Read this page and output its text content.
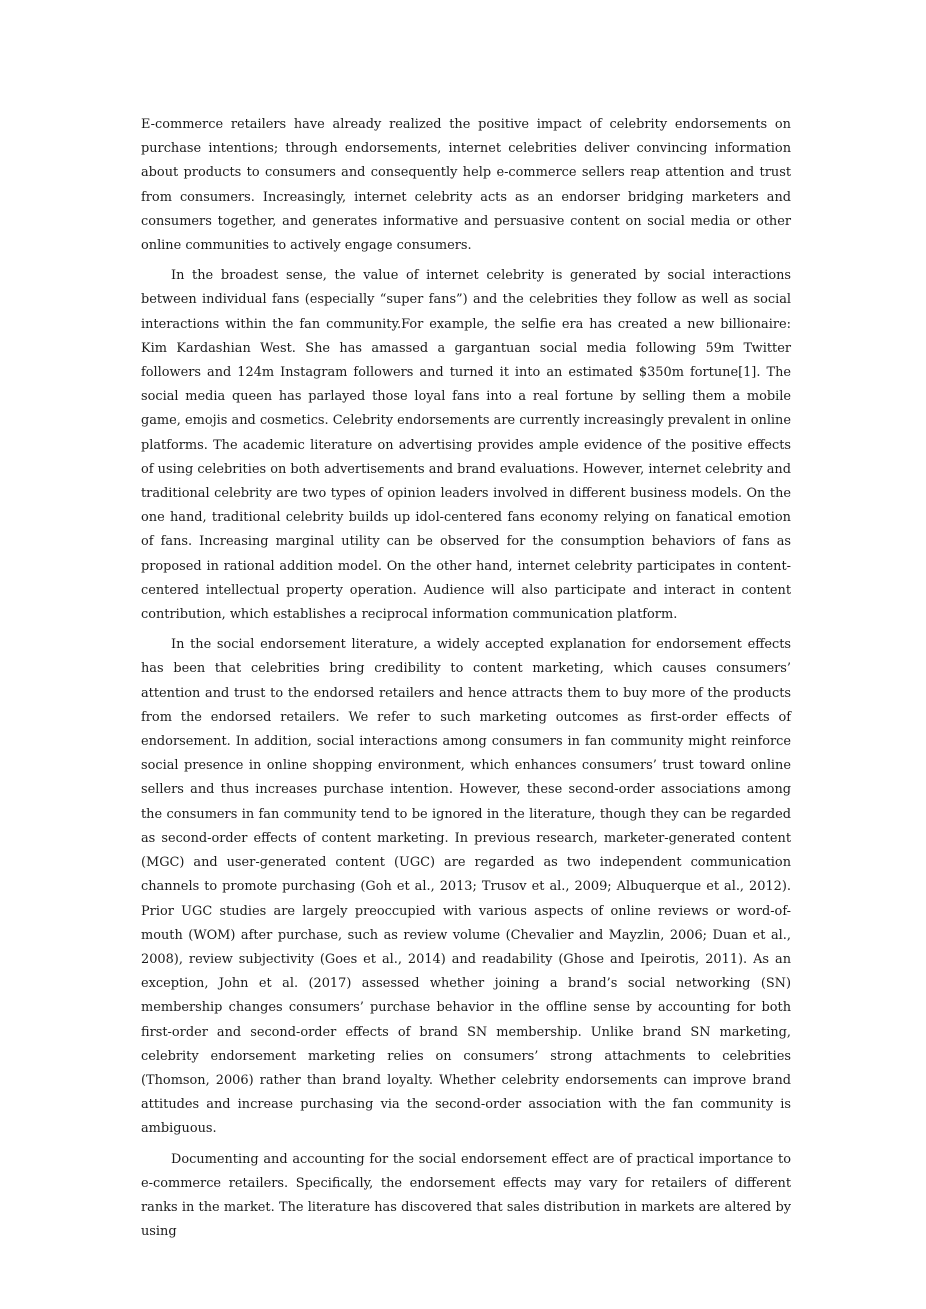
E-commerce retailers have already realized the positive impact of celebrity endorsements on purchase intentions; through endorsements, internet celebrities deliver convincing information about products to consumers and consequently help e-commerce sellers reap attention and trust from consumers. Increasingly, internet celebrity acts as an endorser bridging marketers and consumers together, and generates informative and persuasive content on social media or other online communities to actively engage consumers.

In the broadest sense, the value of internet celebrity is generated by social interactions between individual fans (especially “super fans”) and the celebrities they follow as well as social interactions within the fan community.For example, the selfie era has created a new billionaire: Kim Kardashian West. She has amassed a gargantuan social media following 59m Twitter followers and 124m Instagram followers and turned it into an estimated $350m fortune[1]. The social media queen has parlayed those loyal fans into a real fortune by selling them a mobile game, emojis and cosmetics. Celebrity endorsements are currently increasingly prevalent in online platforms. The academic literature on advertising provides ample evidence of the positive effects of using celebrities on both advertisements and brand evaluations. However, internet celebrity and traditional celebrity are two types of opinion leaders involved in different business models. On the one hand, traditional celebrity builds up idol-centered fans economy relying on fanatical emotion of fans. Increasing marginal utility can be observed for the consumption behaviors of fans as proposed in rational addition model. On the other hand, internet celebrity participates in content-centered intellectual property operation. Audience will also participate and interact in content contribution, which establishes a reciprocal information communication platform.

In the social endorsement literature, a widely accepted explanation for endorsement effects has been that celebrities bring credibility to content marketing, which causes consumers’ attention and trust to the endorsed retailers and hence attracts them to buy more of the products from the endorsed retailers. We refer to such marketing outcomes as first-order effects of endorsement. In addition, social interactions among consumers in fan community might reinforce social presence in online shopping environment, which enhances consumers’ trust toward online sellers and thus increases purchase intention. However, these second-order associations among the consumers in fan community tend to be ignored in the literature, though they can be regarded as second-order effects of content marketing. In previous research, marketer-generated content (MGC) and user-generated content (UGC) are regarded as two independent communication channels to promote purchasing (Goh et al., 2013; Trusov et al., 2009; Albuquerque et al., 2012). Prior UGC studies are largely preoccupied with various aspects of online reviews or word-of-mouth (WOM) after purchase, such as review volume (Chevalier and Mayzlin, 2006; Duan et al., 2008), review subjectivity (Goes et al., 2014) and readability (Ghose and Ipeirotis, 2011). As an exception, John et al. (2017) assessed whether joining a brand’s social networking (SN) membership changes consumers’ purchase behavior in the offline sense by accounting for both first-order and second-order effects of brand SN membership. Unlike brand SN marketing, celebrity endorsement marketing relies on consumers’ strong attachments to celebrities (Thomson, 2006) rather than brand loyalty. Whether celebrity endorsements can improve brand attitudes and increase purchasing via the second-order association with the fan community is ambiguous.

Documenting and accounting for the social endorsement effect are of practical importance to e-commerce retailers. Specifically, the endorsement effects may vary for retailers of different ranks in the market. The literature has discovered that sales distribution in markets are altered by using
